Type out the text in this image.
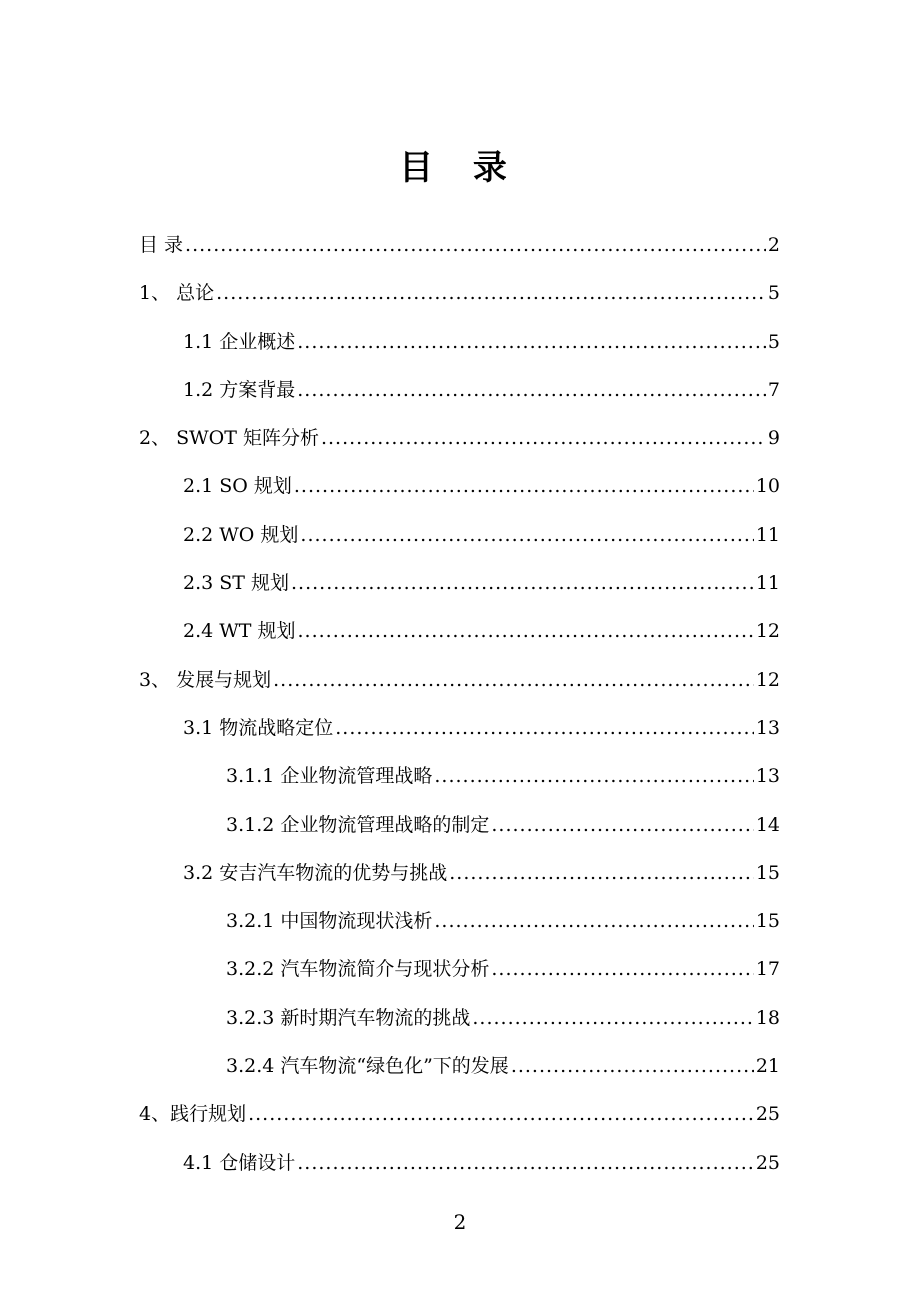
目 录
目 录 .....	2
1、 总论 .....	5
1.1 企业概述 .....	5
1.2 方案背最 .....	7
2、 SWOT 矩阵分析 .....	9
2.1 SO 规划 .....	10
2.2 WO 规划 .....	11
2.3 ST 规划 .....	11
2.4 WT 规划 .....	12
3、 发展与规划 .....	12
3.1 物流战略定位 .....	13
3.1.1 企业物流管理战略 .....	13
3.1.2 企业物流管理战略的制定 .....	14
3.2 安吉汽车物流的优势与挑战 .....	15
3.2.1 中国物流现状浅析 .....	15
3.2.2 汽车物流简介与现状分析 .....	17
3.2.3 新时期汽车物流的挑战 .....	18
3.2.4 汽车物流“绿色化”下的发展 .....	21
4、践行规划 .....	25
4.1 仓储设计 .....	25
2
